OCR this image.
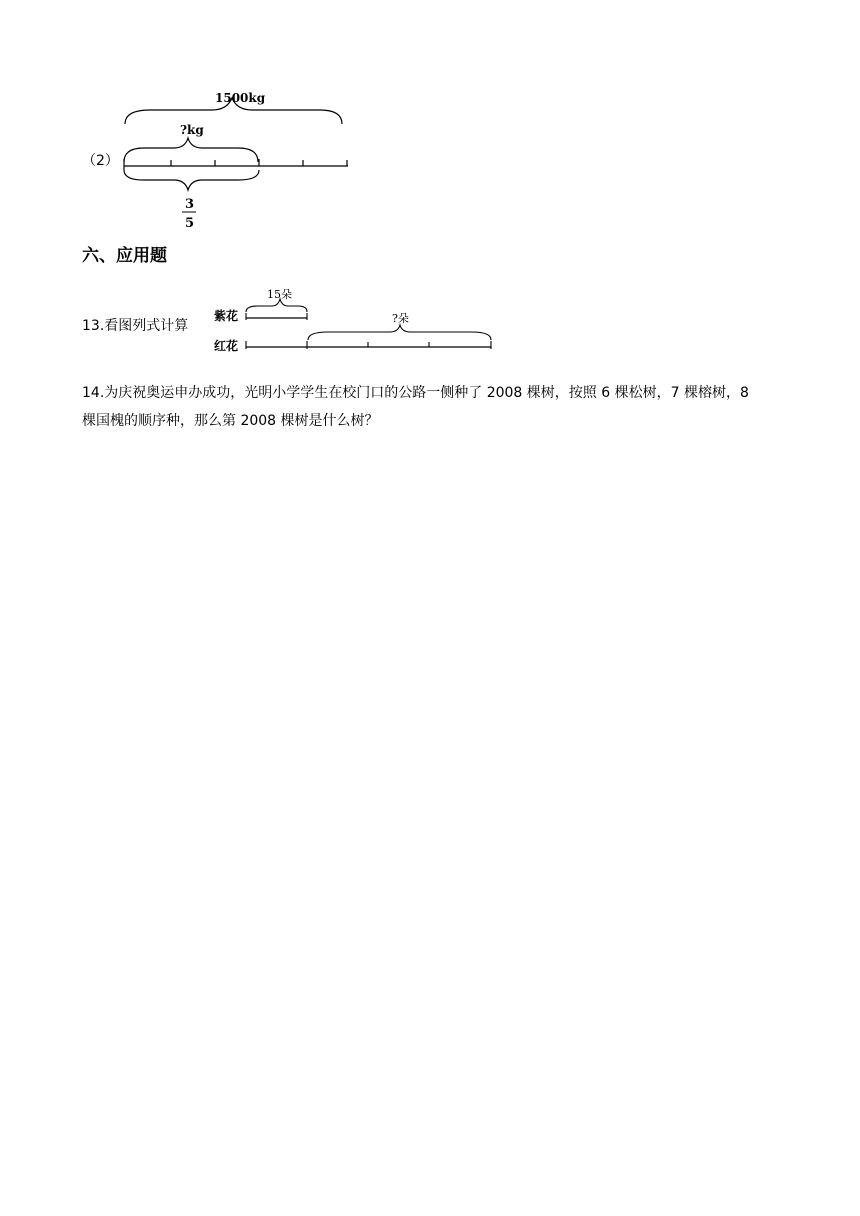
（2）
1500kg
?kg
3
5
六、应用题
13.看图列式计算
紫花
红花
15朵
?朵
14.为庆祝奥运申办成功，光明小学学生在校门口的公路一侧种了 2008 棵树，按照 6 棵松树，7 棵榕树，8
棵国槐的顺序种，那么第 2008 棵树是什么树？
